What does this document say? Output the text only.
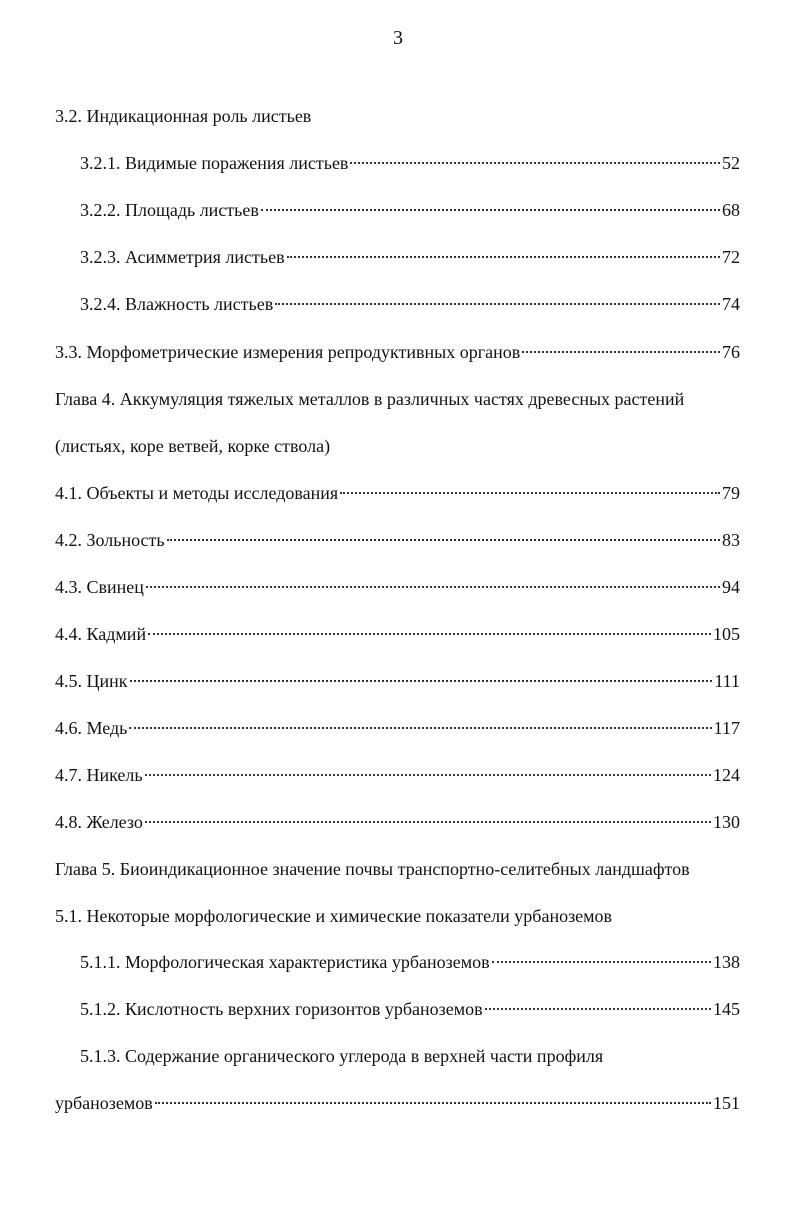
3
3.2. Индикационная роль листьев
3.2.1. Видимые поражения листьев	52
3.2.2. Площадь листьев	68
3.2.3. Асимметрия листьев	72
3.2.4. Влажность листьев	74
3.3. Морфометрические измерения репродуктивных органов	76
Глава 4. Аккумуляция тяжелых металлов в различных частях древесных растений
(листьях, коре ветвей, корке ствола)
4.1. Объекты и методы исследования	79
4.2. Зольность	83
4.3. Свинец	94
4.4. Кадмий	105
4.5. Цинк	111
4.6. Медь	117
4.7. Никель	124
4.8. Железо	130
Глава 5. Биоиндикационное значение почвы транспортно-селитебных ландшафтов
5.1. Некоторые морфологические и химические показатели урбаноземов
5.1.1. Морфологическая характеристика урбаноземов	138
5.1.2. Кислотность верхних горизонтов урбаноземов	145
5.1.3. Содержание органического углерода в верхней части профиля
урбаноземов	151
